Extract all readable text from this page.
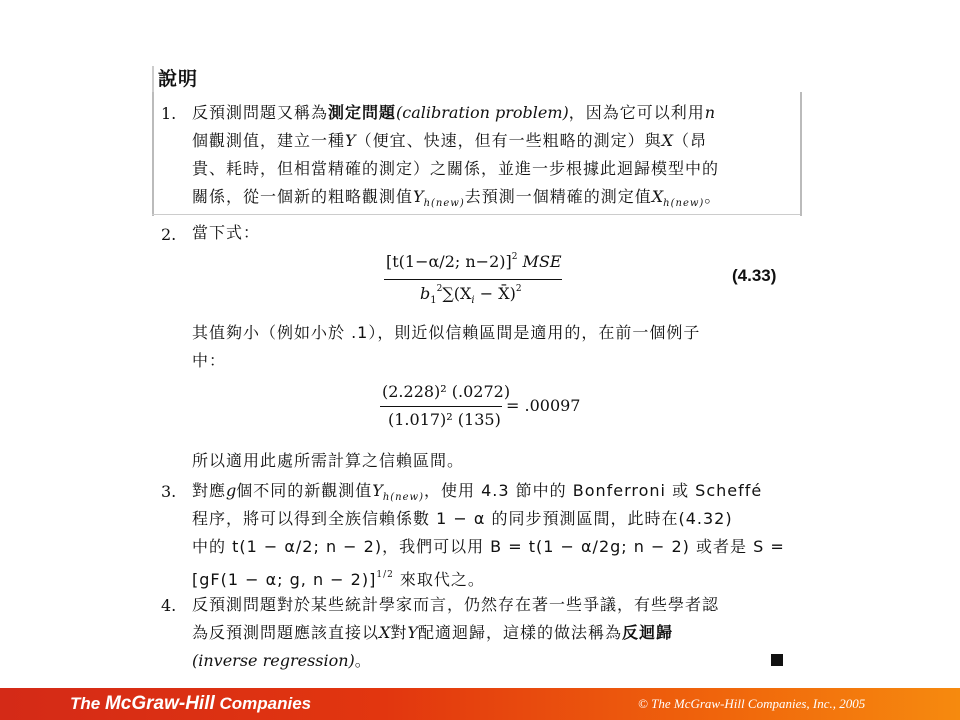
說明
1. 反預測問題又稱為測定問題(calibration problem)，因為它可以利用n
個觀測值，建立一種Y（便宜、快速，但有一些粗略的測定）與X（昂
貴、耗時，但相當精確的測定）之關係，並進一步根據此迴歸模型中的
關係，從一個新的粗略觀測值$Y_{h(new)}$去預測一個精確的測定值$X_{h(new)}$。
2. 當下式：
[t(1−α/2; n−2)]$^2$ MSE
$b_1^2\sum(X_i$ − X̄)$^2$
(4.33)
其值夠小（例如小於 .1），則近似信賴區間是適用的，在前一個例子
中：
(2.228)² (.0272)
(1.017)² (135)
= .00097
所以適用此處所需計算之信賴區間。
3. 對應g個不同的新觀測值$Y_{h(new)}$，使用 4.3 節中的 Bonferroni 或 Scheffé
程序，將可以得到全族信賴係數 1 − α 的同步預測區間，此時在(4.32)
中的 t(1 − α/2; n − 2)，我們可以用 B = t(1 − α/2g; n − 2) 或者是 S =
[gF(1 − α; g, n − 2)]$^{1/2}$ 來取代之。
4. 反預測問題對於某些統計學家而言，仍然存在著一些爭議，有些學者認
為反預測問題應該直接以X對Y配適迴歸，這樣的做法稱為反迴歸
(inverse regression)。
The McGraw-Hill Companies	© The McGraw-Hill Companies, Inc., 2005
